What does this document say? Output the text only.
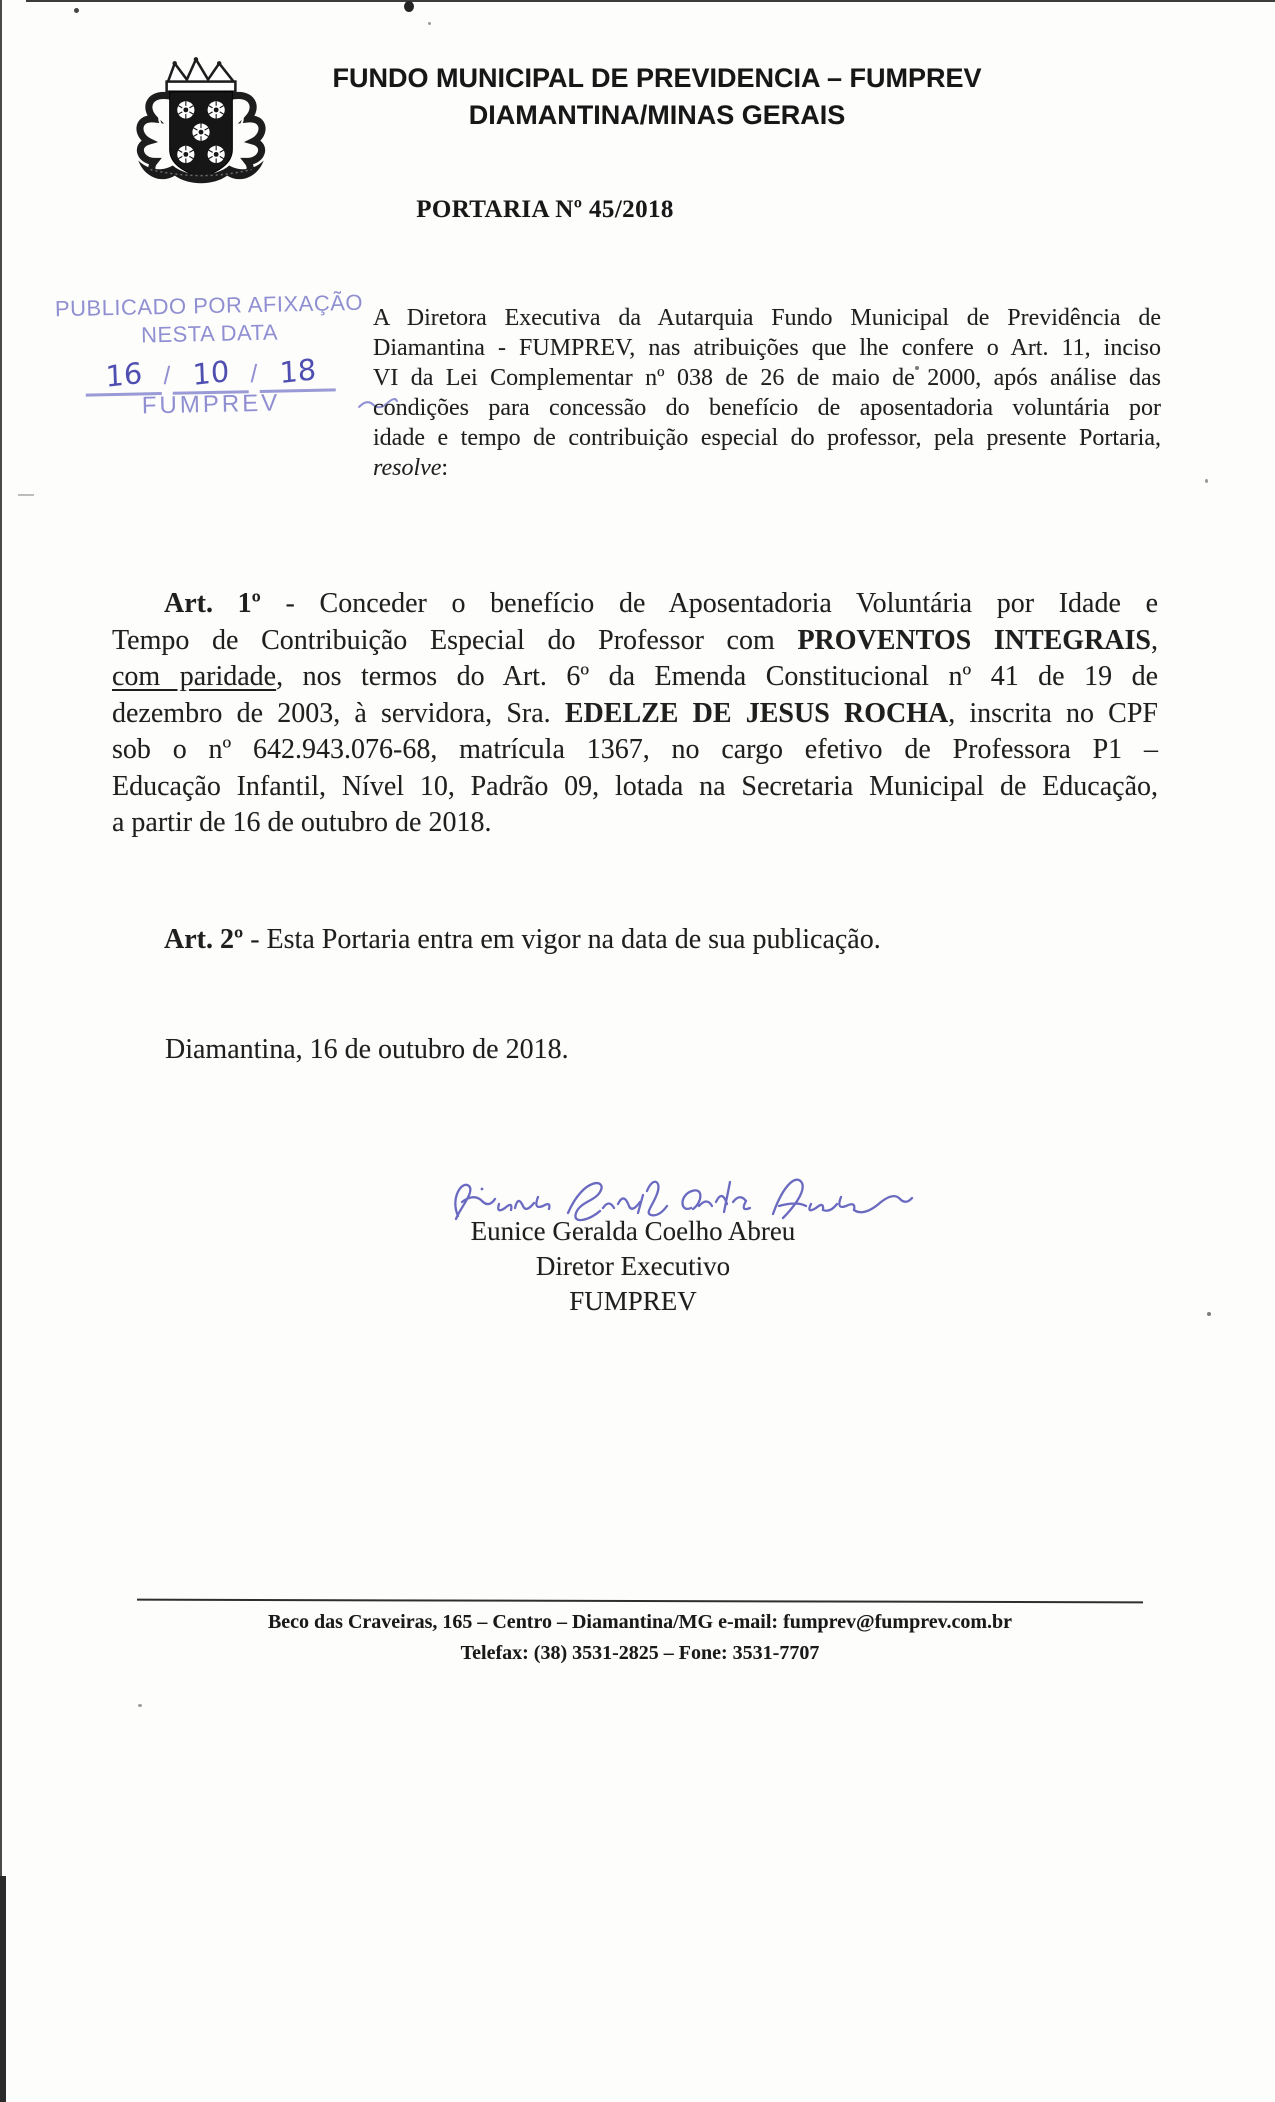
FUNDO MUNICIPAL DE PREVIDENCIA – FUMPREV
DIAMANTINA/MINAS GERAIS
PORTARIA Nº 45/2018
PUBLICADO POR AFIXAÇÃO
NESTA DATA
16 / 10 / 18
FUMPREV
A Diretora Executiva da Autarquia Fundo Municipal de Previdência de
Diamantina - FUMPREV, nas atribuições que lhe confere o Art. 11, inciso
VI da Lei Complementar nº 038 de 26 de maio de 2000, após análise das
condições para concessão do benefício de aposentadoria voluntária por
idade e tempo de contribuição especial do professor, pela presente Portaria,
resolve:
Art. 1º - Conceder o benefício de Aposentadoria Voluntária por Idade e
Tempo de Contribuição Especial do Professor com PROVENTOS INTEGRAIS,
com paridade, nos termos do Art. 6º da Emenda Constitucional nº 41 de 19 de
dezembro de 2003, à servidora, Sra. EDELZE DE JESUS ROCHA, inscrita no CPF
sob o nº 642.943.076-68, matrícula 1367, no cargo efetivo de Professora P1 –
Educação Infantil, Nível 10, Padrão 09, lotada na Secretaria Municipal de Educação,
a partir de 16 de outubro de 2018.
Art. 2º - Esta Portaria entra em vigor na data de sua publicação.
Diamantina, 16 de outubro de 2018.
Eunice Geralda Coelho Abreu
Diretor Executivo
FUMPREV
Beco das Craveiras, 165 – Centro – Diamantina/MG e-mail: fumprev@fumprev.com.br
Telefax: (38) 3531-2825 – Fone: 3531-7707
